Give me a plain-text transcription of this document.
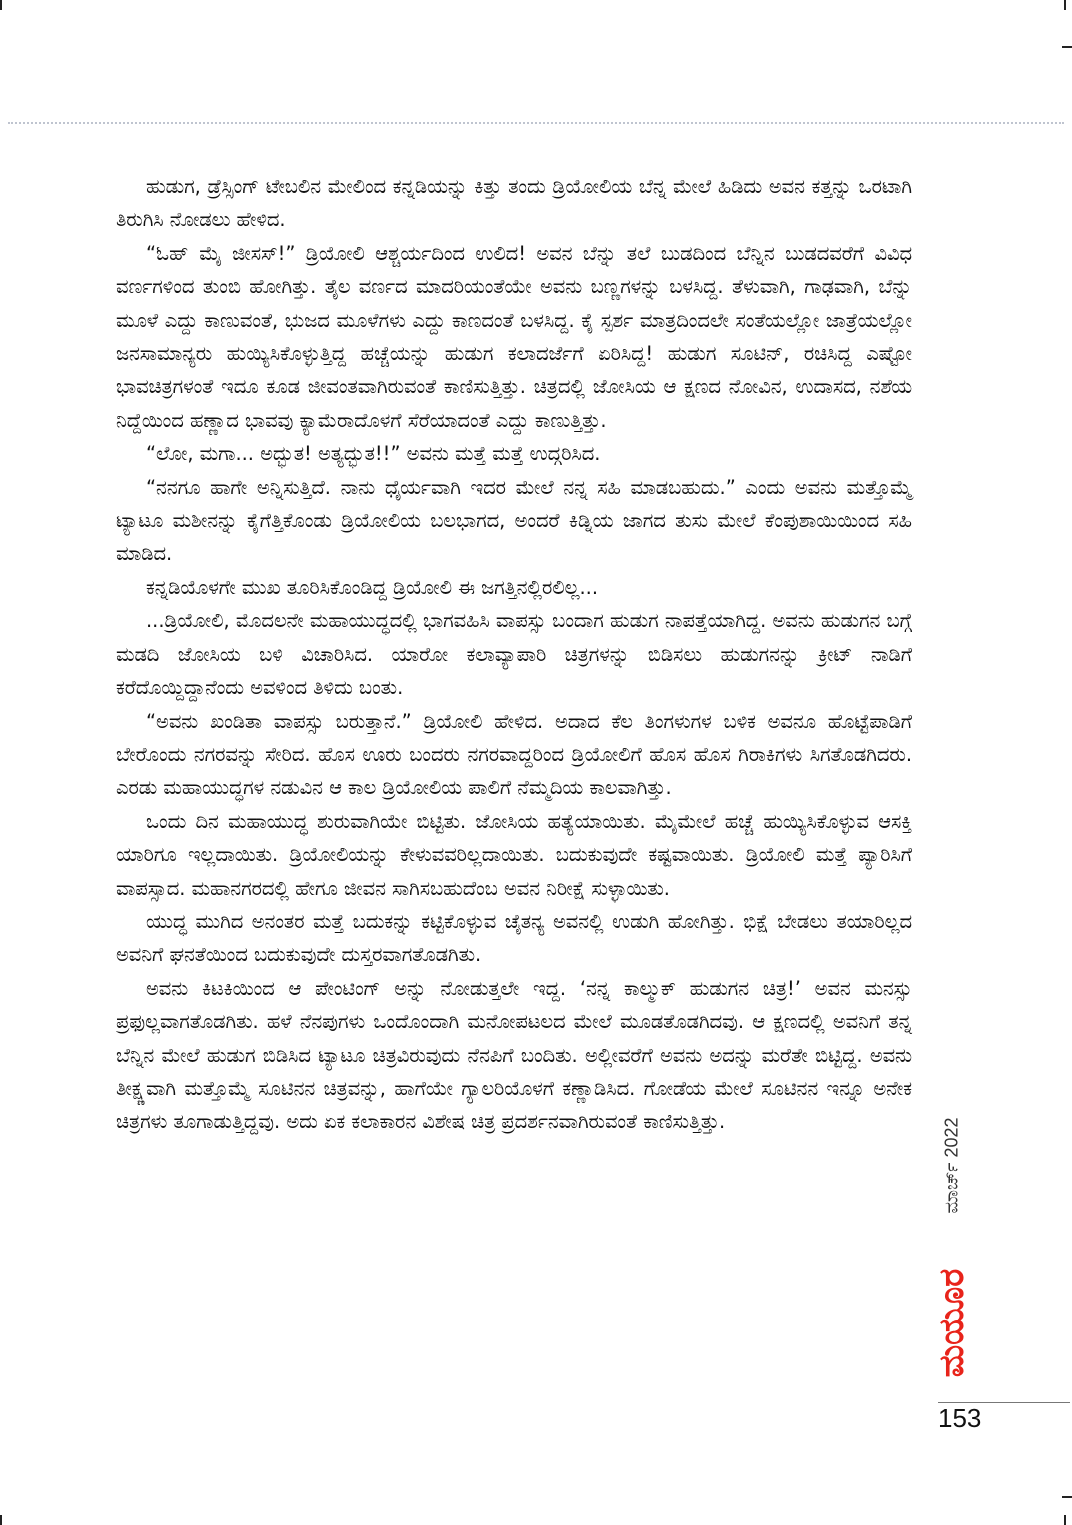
ಹುಡುಗ, ಡ್ರೆಸ್ಸಿಂಗ್ ಟೇಬಲಿನ ಮೇಲಿಂದ ಕನ್ನಡಿಯನ್ನು ಕಿತ್ತು ತಂದು ಡ್ರಿಯೋಲಿಯ ಬೆನ್ನ ಮೇಲೆ ಹಿಡಿದು ಅವನ ಕತ್ತನ್ನು ಒರಟಾಗಿ ತಿರುಗಿಸಿ ನೋಡಲು ಹೇಳಿದ.

“ಓಹ್ ಮೈ ಜೀಸಸ್!” ಡ್ರಿಯೋಲಿ ಆಶ್ಚರ್ಯದಿಂದ ಉಲಿದ! ಅವನ ಬೆನ್ನು ತಲೆ ಬುಡದಿಂದ ಬೆನ್ನಿನ ಬುಡದವರೆಗೆ ವಿವಿಧ ವರ್ಣಗಳಿಂದ ತುಂಬಿ ಹೋಗಿತ್ತು. ತೈಲ ವರ್ಣದ ಮಾದರಿಯಂತೆಯೇ ಅವನು ಬಣ್ಣಗಳನ್ನು ಬಳಸಿದ್ದ. ತೆಳುವಾಗಿ, ಗಾಢವಾಗಿ, ಬೆನ್ನು ಮೂಳೆ ಎದ್ದು ಕಾಣುವಂತೆ, ಭುಜದ ಮೂಳೆಗಳು ಎದ್ದು ಕಾಣದಂತೆ ಬಳಸಿದ್ದ. ಕೈ ಸ್ಪರ್ಶ ಮಾತ್ರದಿಂದಲೇ ಸಂತೆಯಲ್ಲೋ ಜಾತ್ರೆಯಲ್ಲೋ ಜನಸಾಮಾನ್ಯರು ಹುಯ್ಯಿಸಿಕೊಳ್ಳುತ್ತಿದ್ದ ಹಚ್ಚೆಯನ್ನು ಹುಡುಗ ಕಲಾದರ್ಜೆಗೆ ಏರಿಸಿದ್ದ! ಹುಡುಗ ಸೂಟಿನ್, ರಚಿಸಿದ್ದ ಎಷ್ಟೋ ಭಾವಚಿತ್ರಗಳಂತೆ ಇದೂ ಕೂಡ ಜೀವಂತವಾಗಿರುವಂತೆ ಕಾಣಿಸುತ್ತಿತ್ತು. ಚಿತ್ರದಲ್ಲಿ ಜೋಸಿಯ ಆ ಕ್ಷಣದ ನೋವಿನ, ಉದಾಸದ, ನಶೆಯ ನಿದ್ದೆಯಿಂದ ಹಣ್ಣಾದ ಭಾವವು ಕ್ಯಾಮೆರಾದೊಳಗೆ ಸೆರೆಯಾದಂತೆ ಎದ್ದು ಕಾಣುತ್ತಿತ್ತು.

“ಲೋ, ಮಗಾ... ಅದ್ಭುತ! ಅತ್ಯದ್ಭುತ!!” ಅವನು ಮತ್ತೆ ಮತ್ತೆ ಉದ್ಗರಿಸಿದ.

“ನನಗೂ ಹಾಗೇ ಅನ್ನಿಸುತ್ತಿದೆ. ನಾನು ಧೈರ್ಯವಾಗಿ ಇದರ ಮೇಲೆ ನನ್ನ ಸಹಿ ಮಾಡಬಹುದು.” ಎಂದು ಅವನು ಮತ್ತೊಮ್ಮೆ ಟ್ಯಾಟೂ ಮಶೀನನ್ನು ಕೈಗೆತ್ತಿಕೊಂಡು ಡ್ರಿಯೋಲಿಯ ಬಲಭಾಗದ, ಅಂದರೆ ಕಿಡ್ನಿಯ ಜಾಗದ ತುಸು ಮೇಲೆ ಕೆಂಪುಶಾಯಿಯಿಂದ ಸಹಿ ಮಾಡಿದ.

ಕನ್ನಡಿಯೊಳಗೇ ಮುಖ ತೂರಿಸಿಕೊಂಡಿದ್ದ ಡ್ರಿಯೋಲಿ ಈ ಜಗತ್ತಿನಲ್ಲಿರಲಿಲ್ಲ...

...ಡ್ರಿಯೋಲಿ, ಮೊದಲನೇ ಮಹಾಯುದ್ಧದಲ್ಲಿ ಭಾಗವಹಿಸಿ ವಾಪಸ್ಸು ಬಂದಾಗ ಹುಡುಗ ನಾಪತ್ತೆಯಾಗಿದ್ದ. ಅವನು ಹುಡುಗನ ಬಗ್ಗೆ ಮಡದಿ ಜೋಸಿಯ ಬಳಿ ವಿಚಾರಿಸಿದ. ಯಾರೋ ಕಲಾವ್ಯಾಪಾರಿ ಚಿತ್ರಗಳನ್ನು ಬಿಡಿಸಲು ಹುಡುಗನನ್ನು ಕ್ರೀಟ್ ನಾಡಿಗೆ ಕರೆದೊಯ್ದಿದ್ದಾನೆಂದು ಅವಳಿಂದ ತಿಳಿದು ಬಂತು.

“ಅವನು ಖಂಡಿತಾ ವಾಪಸ್ಸು ಬರುತ್ತಾನೆ.” ಡ್ರಿಯೋಲಿ ಹೇಳಿದ. ಅದಾದ ಕೆಲ ತಿಂಗಳುಗಳ ಬಳಿಕ ಅವನೂ ಹೊಟ್ಟೆಪಾಡಿಗೆ ಬೇರೊಂದು ನಗರವನ್ನು ಸೇರಿದ. ಹೊಸ ಊರು ಬಂದರು ನಗರವಾದ್ದರಿಂದ ಡ್ರಿಯೋಲಿಗೆ ಹೊಸ ಹೊಸ ಗಿರಾಕಿಗಳು ಸಿಗತೊಡಗಿದರು. ಎರಡು ಮಹಾಯುದ್ಧಗಳ ನಡುವಿನ ಆ ಕಾಲ ಡ್ರಿಯೋಲಿಯ ಪಾಲಿಗೆ ನೆಮ್ಮದಿಯ ಕಾಲವಾಗಿತ್ತು.

ಒಂದು ದಿನ ಮಹಾಯುದ್ಧ ಶುರುವಾಗಿಯೇ ಬಿಟ್ಟಿತು. ಜೋಸಿಯ ಹತ್ಯೆಯಾಯಿತು. ಮೈಮೇಲೆ ಹಚ್ಚೆ ಹುಯ್ಯಿಸಿಕೊಳ್ಳುವ ಆಸಕ್ತಿ ಯಾರಿಗೂ ಇಲ್ಲದಾಯಿತು. ಡ್ರಿಯೋಲಿಯನ್ನು ಕೇಳುವವರಿಲ್ಲದಾಯಿತು. ಬದುಕುವುದೇ ಕಷ್ಟವಾಯಿತು. ಡ್ರಿಯೋಲಿ ಮತ್ತೆ ಪ್ಯಾರಿಸಿಗೆ ವಾಪಸ್ಸಾದ. ಮಹಾನಗರದಲ್ಲಿ ಹೇಗೂ ಜೀವನ ಸಾಗಿಸಬಹುದೆಂಬ ಅವನ ನಿರೀಕ್ಷೆ ಸುಳ್ಳಾಯಿತು.

ಯುದ್ಧ ಮುಗಿದ ಅನಂತರ ಮತ್ತೆ ಬದುಕನ್ನು ಕಟ್ಟಿಕೊಳ್ಳುವ ಚೈತನ್ಯ ಅವನಲ್ಲಿ ಉಡುಗಿ ಹೋಗಿತ್ತು. ಭಿಕ್ಷೆ ಬೇಡಲು ತಯಾರಿಲ್ಲದ ಅವನಿಗೆ ಘನತೆಯಿಂದ ಬದುಕುವುದೇ ದುಸ್ತರವಾಗತೊಡಗಿತು.

ಅವನು ಕಿಟಕಿಯಿಂದ ಆ ಪೇಂಟಿಂಗ್ ಅನ್ನು ನೋಡುತ್ತಲೇ ಇದ್ದ. ‘ನನ್ನ ಕಾಲ್ಮುಕ್ ಹುಡುಗನ ಚಿತ್ರ!’ ಅವನ ಮನಸ್ಸು ಪ್ರಫುಲ್ಲವಾಗತೊಡಗಿತು. ಹಳೆ ನೆನಪುಗಳು ಒಂದೊಂದಾಗಿ ಮನೋಪಟಲದ ಮೇಲೆ ಮೂಡತೊಡಗಿದವು. ಆ ಕ್ಷಣದಲ್ಲಿ ಅವನಿಗೆ ತನ್ನ ಬೆನ್ನಿನ ಮೇಲೆ ಹುಡುಗ ಬಿಡಿಸಿದ ಟ್ಯಾಟೂ ಚಿತ್ರವಿರುವುದು ನೆನಪಿಗೆ ಬಂದಿತು. ಅಲ್ಲೀವರೆಗೆ ಅವನು ಅದನ್ನು ಮರೆತೇ ಬಿಟ್ಟಿದ್ದ. ಅವನು ತೀಕ್ಷ್ಣವಾಗಿ ಮತ್ತೊಮ್ಮೆ ಸೂಟಿನನ ಚಿತ್ರವನ್ನು, ಹಾಗೆಯೇ ಗ್ಯಾಲರಿಯೊಳಗೆ ಕಣ್ಣಾಡಿಸಿದ. ಗೋಡೆಯ ಮೇಲೆ ಸೂಟಿನನ ಇನ್ನೂ ಅನೇಕ ಚಿತ್ರಗಳು ತೂಗಾಡುತ್ತಿದ್ದವು. ಅದು ಏಕ ಕಲಾಕಾರನ ವಿಶೇಷ ಚಿತ್ರ ಪ್ರದರ್ಶನವಾಗಿರುವಂತೆ ಕಾಣಿಸುತ್ತಿತ್ತು.	ಮಾರ್ಚ್ 2022
ಮಯೂರ
153
